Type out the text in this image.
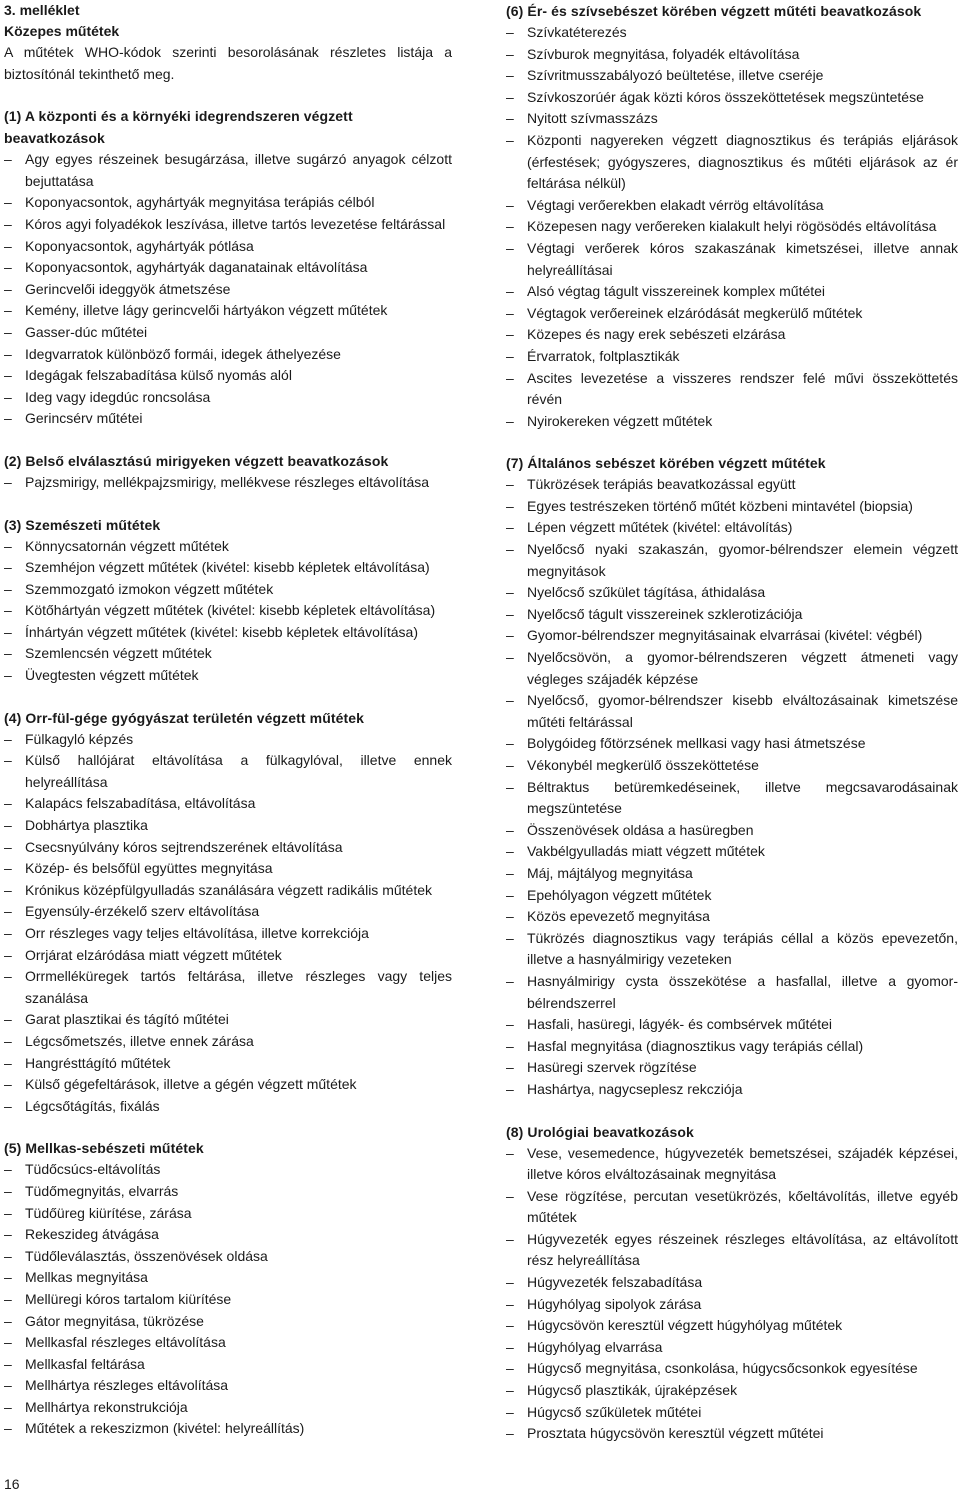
3. melléklet

Közepes műtétek

A műtétek WHO-kódok szerinti besorolásának részletes listája a biztosítónál tekinthető meg.

(1) A központi és a környéki idegrendszeren végzett beavatkozások

– Agy egyes részeinek besugárzása, illetve sugárzó anyagok célzott bejuttatása
– Koponyacsontok, agyhártyák megnyitása terápiás célból
– Kóros agyi folyadékok leszívása, illetve tartós levezetése feltárással
– Koponyacsontok, agyhártyák pótlása
– Koponyacsontok, agyhártyák daganatainak eltávolítása
– Gerincvelői ideggyök átmetszése
– Kemény, illetve lágy gerincvelői hártyákon végzett műtétek
– Gasser-dúc műtétei
– Idegvarratok különböző formái, idegek áthelyezése
– Idegágak felszabadítása külső nyomás alól
– Ideg vagy idegdúc roncsolása
– Gerincsérv műtétei

(2) Belső elválasztású mirigyeken végzett beavatkozások

– Pajzsmirigy, mellékpajzsmirigy, mellékvese részleges eltávolítása

(3) Szemészeti műtétek

– Könnycsatornán végzett műtétek
– Szemhéjon végzett műtétek (kivétel: kisebb képletek eltávolítása)
– Szemmozgató izmokon végzett műtétek
– Kötőhártyán végzett műtétek (kivétel: kisebb képletek eltávolítása)
– Ínhártyán végzett műtétek (kivétel: kisebb képletek eltávolítása)
– Szemlencsén végzett műtétek
– Üvegtesten végzett műtétek

(4) Orr-fül-gége gyógyászat területén végzett műtétek

– Fülkagyló képzés
– Külső hallójárat eltávolítása a fülkagylóval, illetve ennek helyreállítása
– Kalapács felszabadítása, eltávolítása
– Dobhártya plasztika
– Csecsnyúlvány kóros sejtrendszerének eltávolítása
– Közép- és belsőfül együttes megnyitása
– Krónikus középfülgyulladás szanálására végzett radikális műtétek
– Egyensúly-érzékelő szerv eltávolítása
– Orr részleges vagy teljes eltávolítása, illetve korrekciója
– Orrjárat elzáródása miatt végzett műtétek
– Orrmelléküregek tartós feltárása, illetve részleges vagy teljes szanálása
– Garat plasztikai és tágító műtétei
– Légcsőmetszés, illetve ennek zárása
– Hangrésttágító műtétek
– Külső gégefeltárások, illetve a gégén végzett műtétek
– Légcsőtágítás, fixálás

(5) Mellkas-sebészeti műtétek

– Tüdőcsúcs-eltávolítás
– Tüdőmegnyitás, elvarrás
– Tüdőüreg kiürítése, zárása
– Rekeszideg átvágása
– Tüdőleválasztás, összenövések oldása
– Mellkas megnyitása
– Mellüregi kóros tartalom kiürítése
– Gátor megnyitása, tükrözése
– Mellkasfal részleges eltávolítása
– Mellkasfal feltárása
– Mellhártya részleges eltávolítása
– Mellhártya rekonstrukciója
– Műtétek a rekeszizmon (kivétel: helyreállítás)

(6) Ér- és szívsebészet körében végzett műtéti beavatkozások

– Szívkatéterezés
– Szívburok megnyitása, folyadék eltávolítása
– Szívritmusszabályozó beültetése, illetve cseréje
– Szívkoszorúér ágak közti kóros összeköttetések megszüntetése
– Nyitott szívmasszázs
– Központi nagyereken végzett diagnosztikus és terápiás eljárások (érfestések; gyógyszeres, diagnosztikus és műtéti eljárások az ér feltárása nélkül)
– Végtagi verőerekben elakadt vérrög eltávolítása
– Közepesen nagy verőereken kialakult helyi rögösödés eltávolítása
– Végtagi verőerek kóros szakaszának kimetszései, illetve annak helyreállításai
– Alsó végtag tágult visszereinek komplex műtétei
– Végtagok verőereinek elzáródását megkerülő műtétek
– Közepes és nagy erek sebészeti elzárása
– Érvarratok, foltplasztikák
– Ascites levezetése a visszeres rendszer felé művi összeköttetés révén
– Nyirokereken végzett műtétek

(7) Általános sebészet körében végzett műtétek

– Tükrözések terápiás beavatkozással együtt
– Egyes testrészeken történő műtét közbeni mintavétel (biopsia)
– Lépen végzett műtétek (kivétel: eltávolítás)
– Nyelőcső nyaki szakaszán, gyomor-bélrendszer elemein végzett megnyitások
– Nyelőcső szűkület tágítása, áthidalása
– Nyelőcső tágult visszereinek szklerotizációja
– Gyomor-bélrendszer megnyitásainak elvarrásai (kivétel: végbél)
– Nyelőcsövön, a gyomor-bélrendszeren végzett átmeneti vagy végleges szájadék képzése
– Nyelőcső, gyomor-bélrendszer kisebb elváltozásainak kimetszése műtéti feltárással
– Bolygóideg főtörzsének mellkasi vagy hasi átmetszése
– Vékonybél megkerülő összeköttetése
– Béltraktus betüremkedéseinek, illetve megcsavarodásainak megszüntetése
– Összenövések oldása a hasüregben
– Vakbélgyulladás miatt végzett műtétek
– Máj, májtályog megnyitása
– Epehólyagon végzett műtétek
– Közös epevezető megnyitása
– Tükrözés diagnosztikus vagy terápiás céllal a közös epevezetőn, illetve a hasnyálmirigy vezeteken
– Hasnyálmirigy cysta összekötése a hasfallal, illetve a gyomor-bélrendszerrel
– Hasfali, hasüregi, lágyék- és combsérvek műtétei
– Hasfal megnyitása (diagnosztikus vagy terápiás céllal)
– Hasüregi szervek rögzítése
– Hashártya, nagycseplesz rekcziója

(8) Urológiai beavatkozások

– Vese, vesemedence, húgyvezeték bemetszései, szájadék képzései, illetve kóros elváltozásainak megnyitása
– Vese rögzítése, percutan vesetükrözés, kőeltávolítás, illetve egyéb műtétek
– Húgyvezeték egyes részeinek részleges eltávolítása, az eltávolított rész helyreállítása
– Húgyvezeték felszabadítása
– Húgyhólyag sipolyok zárása
– Húgycsövön keresztül végzett húgyhólyag műtétek
– Húgyhólyag elvarrása
– Húgycső megnyitása, csonkolása, húgycsőcsonkok egyesítése
– Húgycső plasztikák, újraképzések
– Húgycső szűkületek műtétei
– Prosztata húgycsövön keresztül végzett műtétei
16
